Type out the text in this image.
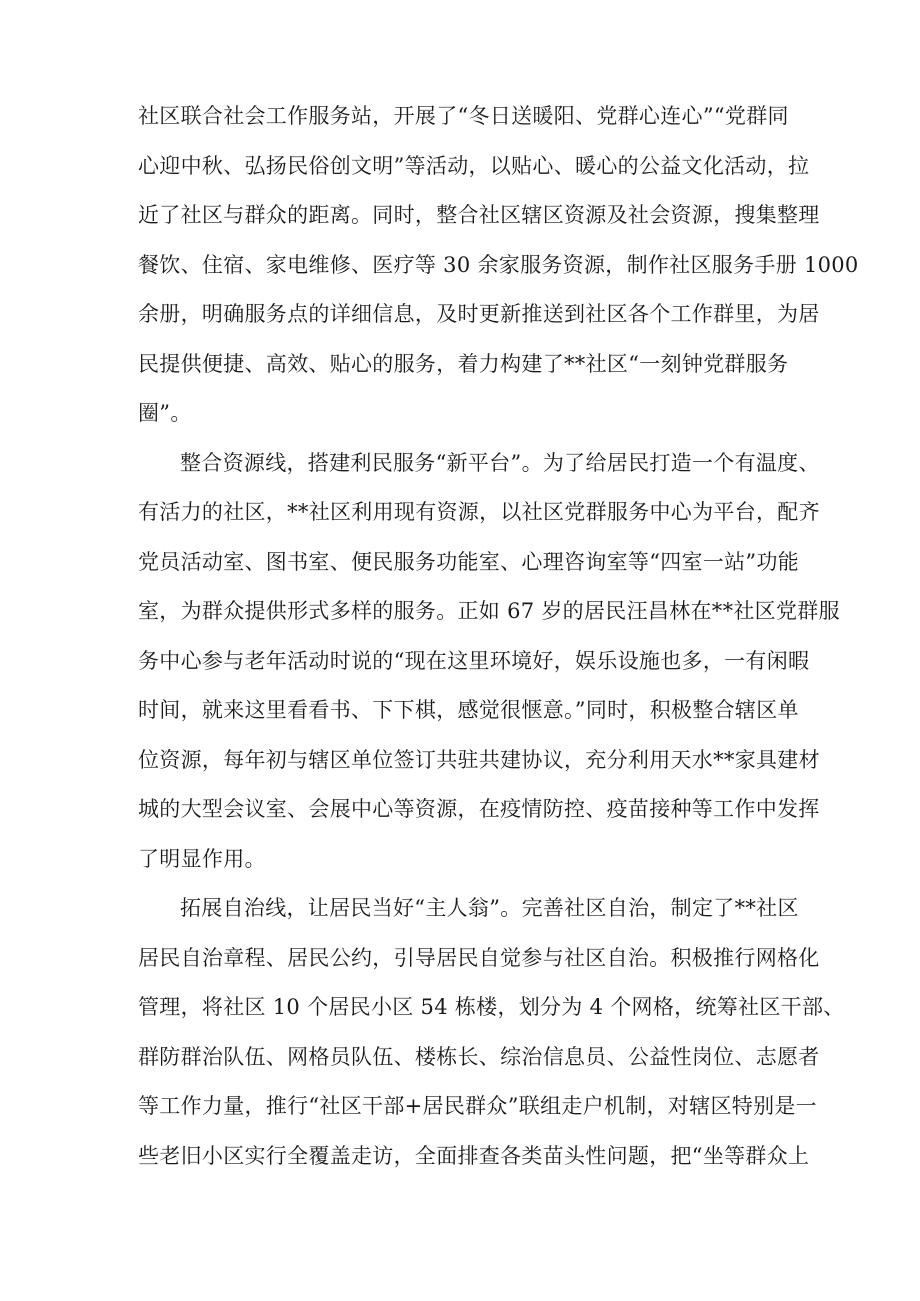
社区联合社会工作服务站，开展了“冬日送暖阳、党群心连心”“党群同
心迎中秋、弘扬民俗创文明”等活动，以贴心、暖心的公益文化活动，拉
近了社区与群众的距离。同时，整合社区辖区资源及社会资源，搜集整理
餐饮、住宿、家电维修、医疗等 30 余家服务资源，制作社区服务手册 1000
余册，明确服务点的详细信息，及时更新推送到社区各个工作群里，为居
民提供便捷、高效、贴心的服务，着力构建了**社区“一刻钟党群服务
圈”。

整合资源线，搭建利民服务“新平台”。为了给居民打造一个有温度、
有活力的社区，**社区利用现有资源，以社区党群服务中心为平台，配齐
党员活动室、图书室、便民服务功能室、心理咨询室等“四室一站”功能
室，为群众提供形式多样的服务。正如 67 岁的居民汪昌林在**社区党群服
务中心参与老年活动时说的“现在这里环境好，娱乐设施也多，一有闲暇
时间，就来这里看看书、下下棋，感觉很惬意。”同时，积极整合辖区单
位资源，每年初与辖区单位签订共驻共建协议，充分利用天水**家具建材
城的大型会议室、会展中心等资源，在疫情防控、疫苗接种等工作中发挥
了明显作用。

拓展自治线，让居民当好“主人翁”。完善社区自治，制定了**社区
居民自治章程、居民公约，引导居民自觉参与社区自治。积极推行网格化
管理，将社区 10 个居民小区 54 栋楼，划分为 4 个网格，统筹社区干部、
群防群治队伍、网格员队伍、楼栋长、综治信息员、公益性岗位、志愿者
等工作力量，推行“社区干部+居民群众”联组走户机制，对辖区特别是一
些老旧小区实行全覆盖走访，全面排查各类苗头性问题，把“坐等群众上
